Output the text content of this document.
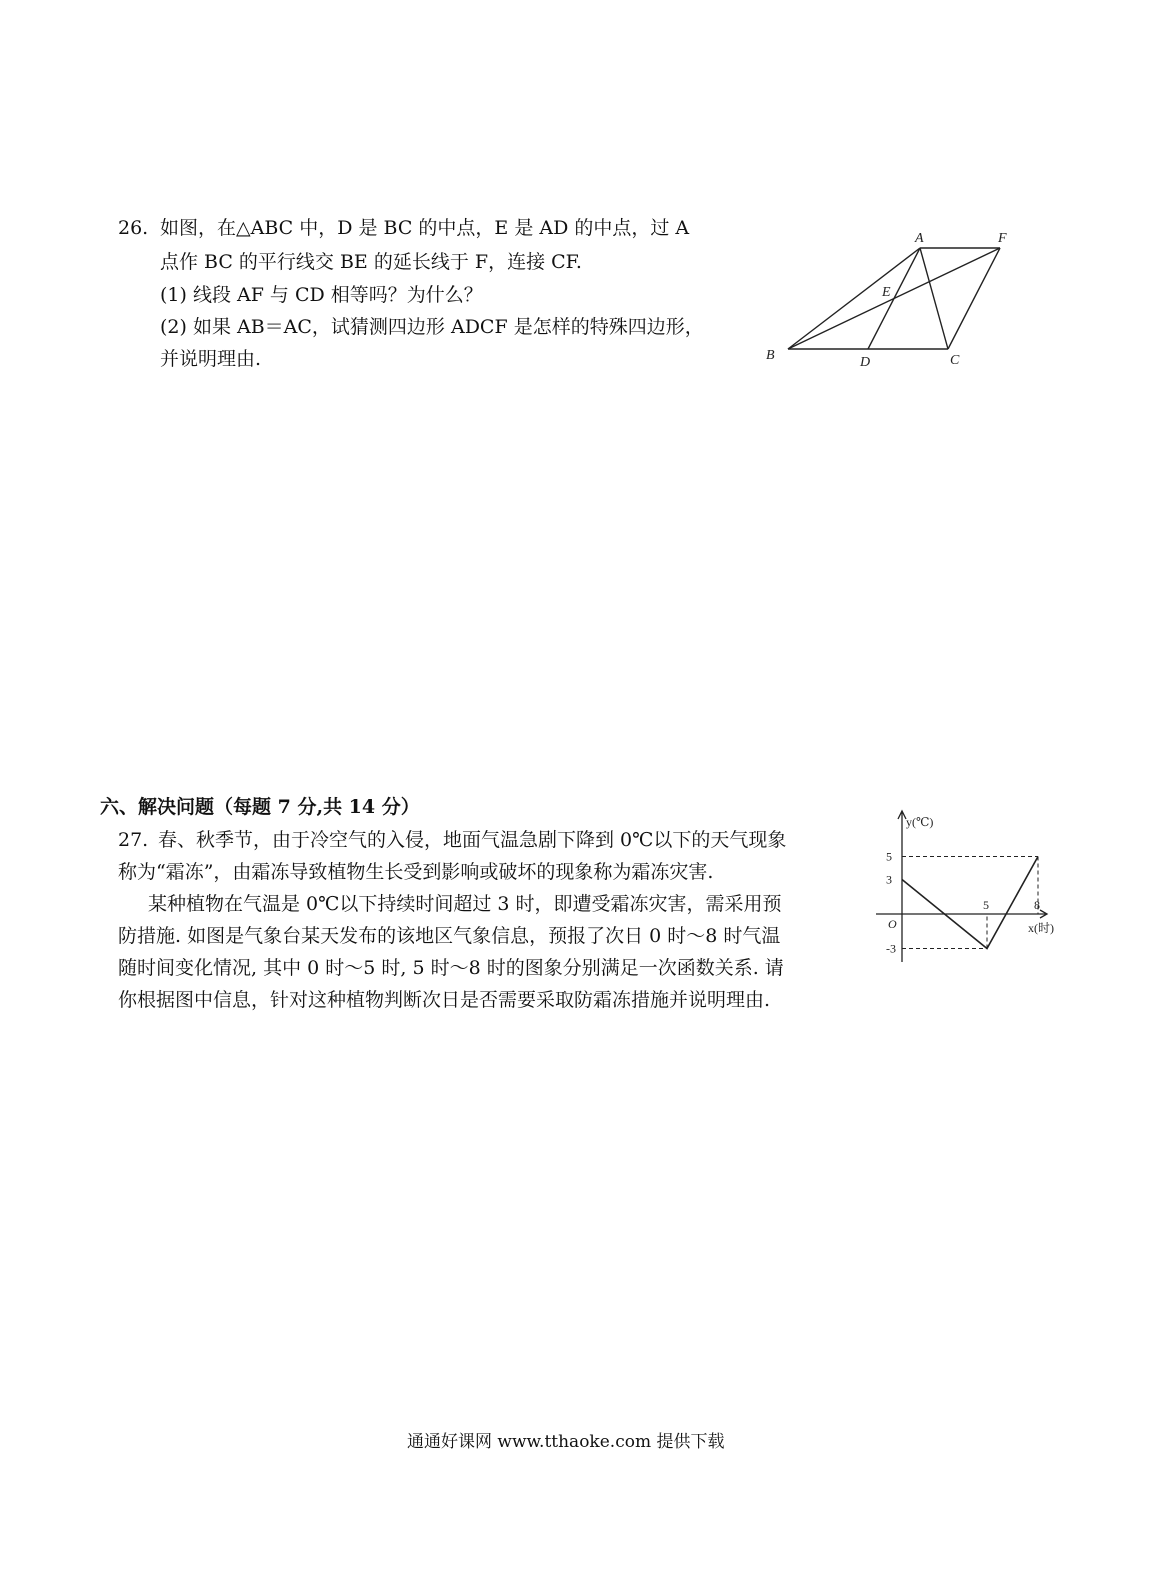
26. 如图，在△ABC 中，D 是 BC 的中点，E 是 AD 的中点，过 A
点作 BC 的平行线交 BE 的延长线于 F，连接 CF.
(1) 线段 AF 与 CD 相等吗？为什么？
(2) 如果 AB＝AC，试猜测四边形 ADCF 是怎样的特殊四边形，
并说明理由.
A	F
E
B	D	C
六、解决问题（每题 7 分,共 14 分）
27. 春、秋季节，由于冷空气的入侵，地面气温急剧下降到 0℃以下的天气现象
称为“霜冻”，由霜冻导致植物生长受到影响或破坏的现象称为霜冻灾害.
某种植物在气温是 0℃以下持续时间超过 3 时，即遭受霜冻灾害，需采用预
防措施. 如图是气象台某天发布的该地区气象信息，预报了次日 0 时～8 时气温
随时间变化情况, 其中 0 时～5 时, 5 时～8 时的图象分别满足一次函数关系. 请
你根据图中信息，针对这种植物判断次日是否需要采取防霜冻措施并说明理由.
5	8
5
3
-3
y(℃)
x(时)
O
通通好课网 www.tthaoke.com 提供下载
